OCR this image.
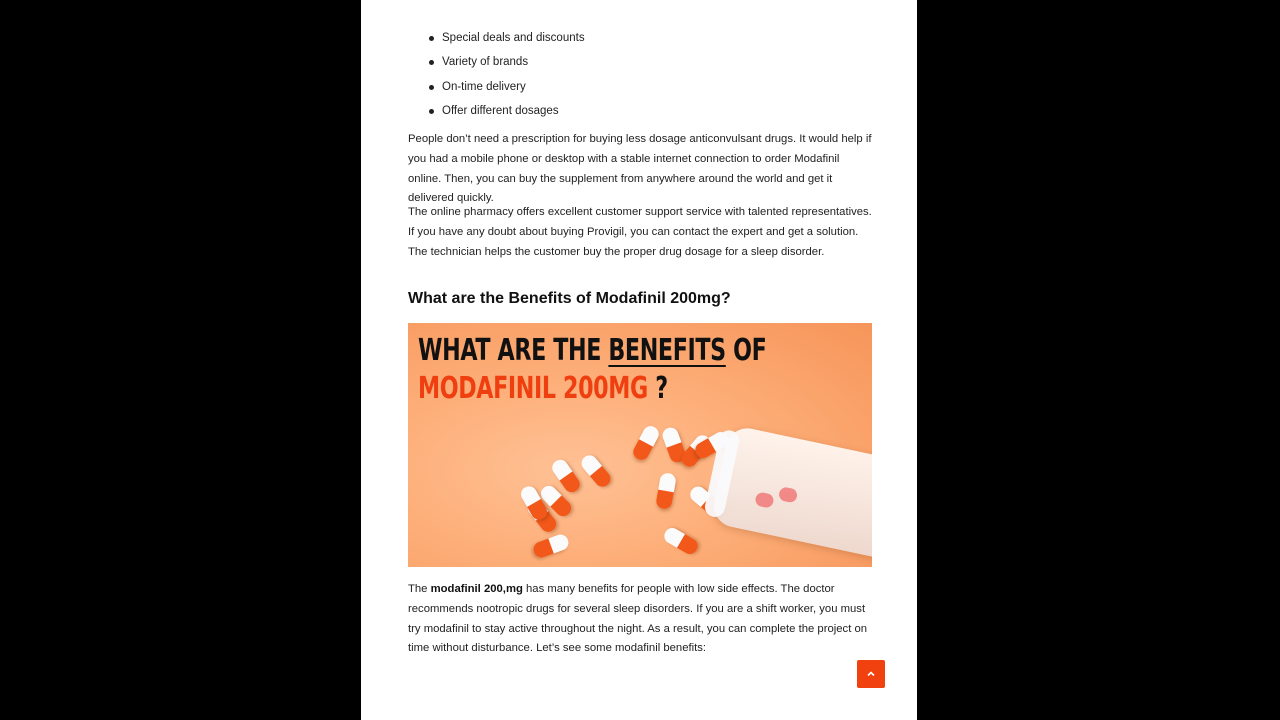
Special deals and discounts
Variety of brands
On-time delivery
Offer different dosages

People don’t need a prescription for buying less dosage anticonvulsant drugs. It would help if you had a mobile phone or desktop with a stable internet connection to order Modafinil online. Then, you can buy the supplement from anywhere around the world and get it delivered quickly.

The online pharmacy offers excellent customer support service with talented representatives. If you have any doubt about buying Provigil, you can contact the expert and get a solution. The technician helps the customer buy the proper drug dosage for a sleep disorder.

What are the Benefits of Modafinil 200mg?
WHAT ARE THE BENEFITS OF
MODAFINIL 200MG ?

The modafinil 200,mg has many benefits for people with low side effects. The doctor recommends nootropic drugs for several sleep disorders. If you are a shift worker, you must try modafinil to stay active throughout the night. As a result, you can complete the project on time without disturbance. Let’s see some modafinil benefits:
